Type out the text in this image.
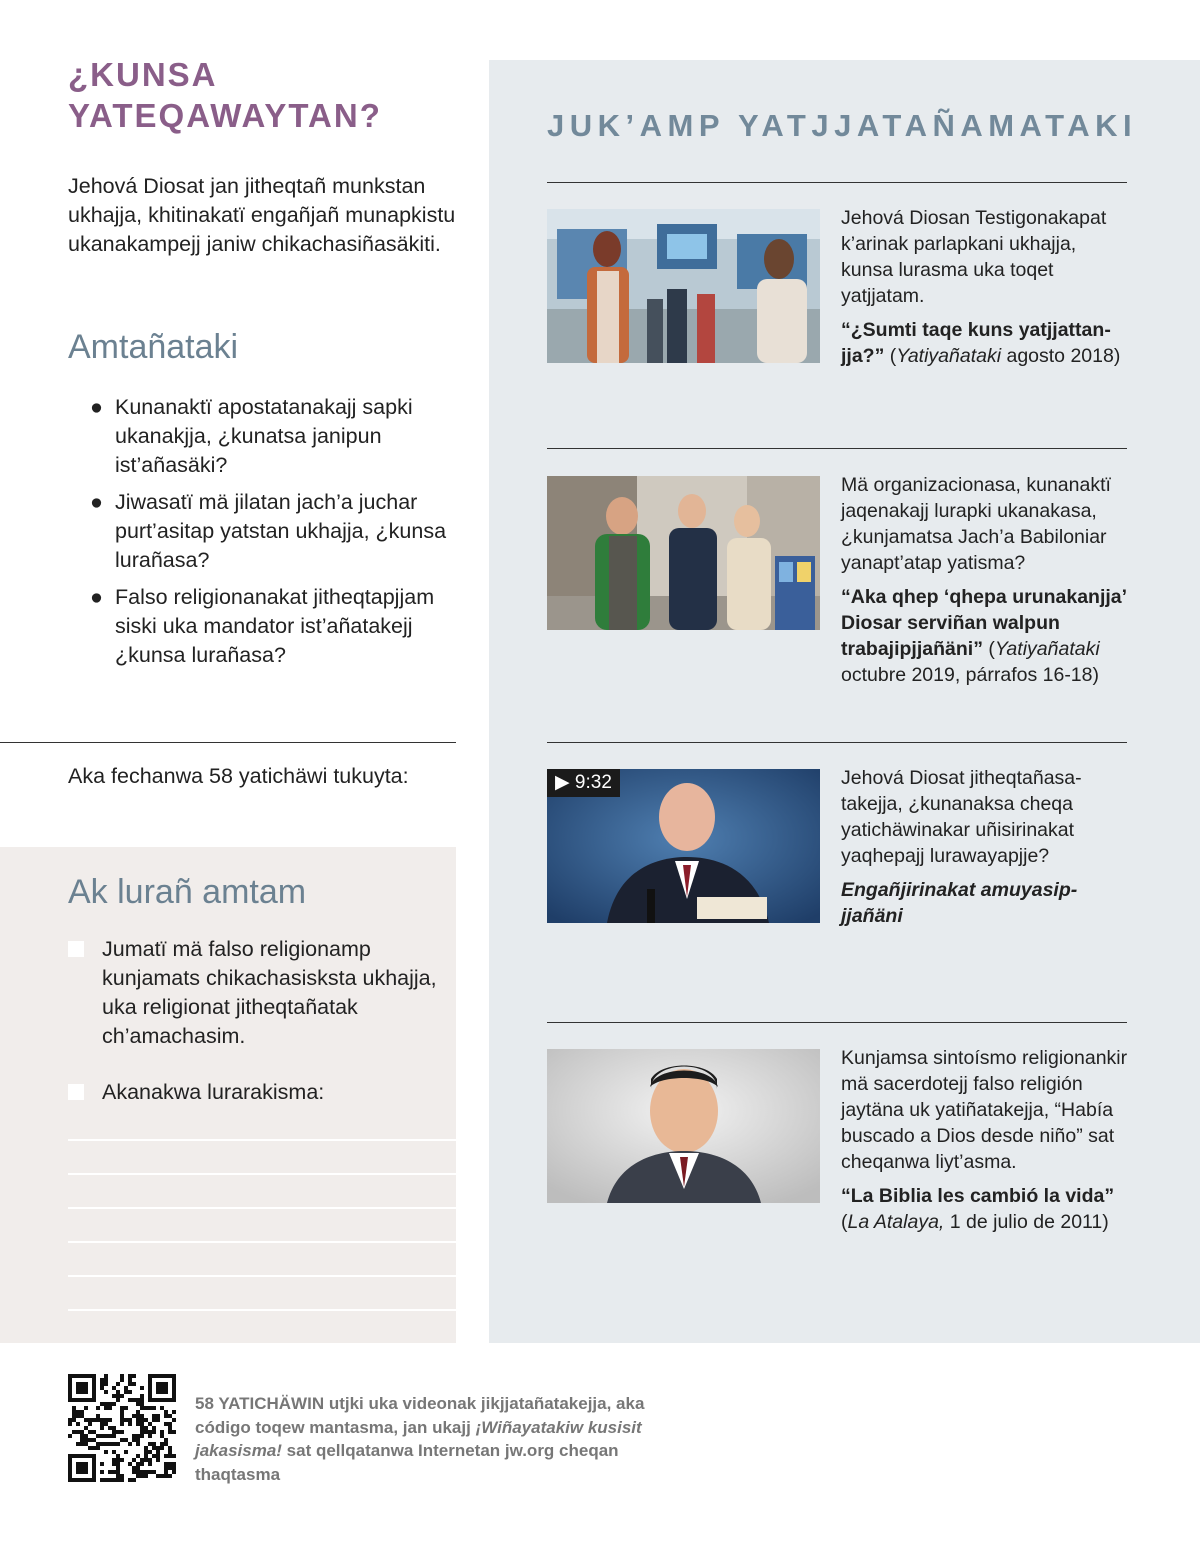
¿KUNSA YATEQAWAYTAN?

Jehová Diosat jan jitheqtañ munkstan ukhajja, khitinakatï engañjañ munapkistu ukanakampejj janiw chikachasiñasäkiti.

Amtañataki
● Kunanaktï apostatanakajj sapki ukanakjja, ¿kunatsa janipun ist’añasäki?
● Jiwasatï mä jilatan jach’a juchar purt’asitap yatstan ukhajja, ¿kunsa lurañasa?
● Falso religionanakat jitheqtapjjam siski uka mandator ist’añatakejj ¿kunsa lurañasa?
Aka fechanwa 58 yatichäwi tukuyta:
Ak lurañ amtam
Jumatï mä falso religionamp kunjamats chikachasisksta ukhajja, uka religionat jitheqtañatak ch’amachasim.
Akanakwa lurarakisma:
JUK’AMP YATJJATAÑAMATAKI

Jehová Diosan Testigonakapat k’arinak parlapkani ukhajja, kunsa lurasma uka toqet yatjjatam.

“¿Sumti taqe kuns yatjjattanjja?” (Yatiyañataki agosto 2018)

Mä organizacionasa, kunanaktï jaqenakajj lurapki ukanakasa, ¿kunjamatsa Jach’a Babiloniar yanapt’atap yatisma?

“Aka qhep ‘qhepa urunakanjja’ Diosar serviñan walpun trabajipjjañäni” (Yatiyañataki octubre 2019, párrafos 16-18)

▶ 9:32	Jehová Diosat jitheqtañasatakejja, ¿kunanaksa cheqa yatichäwinakar uñisirinakat yaqhepajj lurawayapjje?

Engañjirinakat amuyasipjjañäni

Kunjamsa sintoísmo religionankir mä sacerdotejj falso religión jaytäna uk yatiñatakejja, “Había buscado a Dios desde niño” sat cheqanwa liyt’asma.

“La Biblia les cambió la vida” (La Atalaya, 1 de julio de 2011)

58 YATICHÄWIN utjki uka videonak jikjjatañatakejja, aka código toqew mantasma, jan ukajj ¡Wiñayatakiw kusisit jakasisma! sat qellqatanwa Internetan jw.org cheqan thaqtasma
